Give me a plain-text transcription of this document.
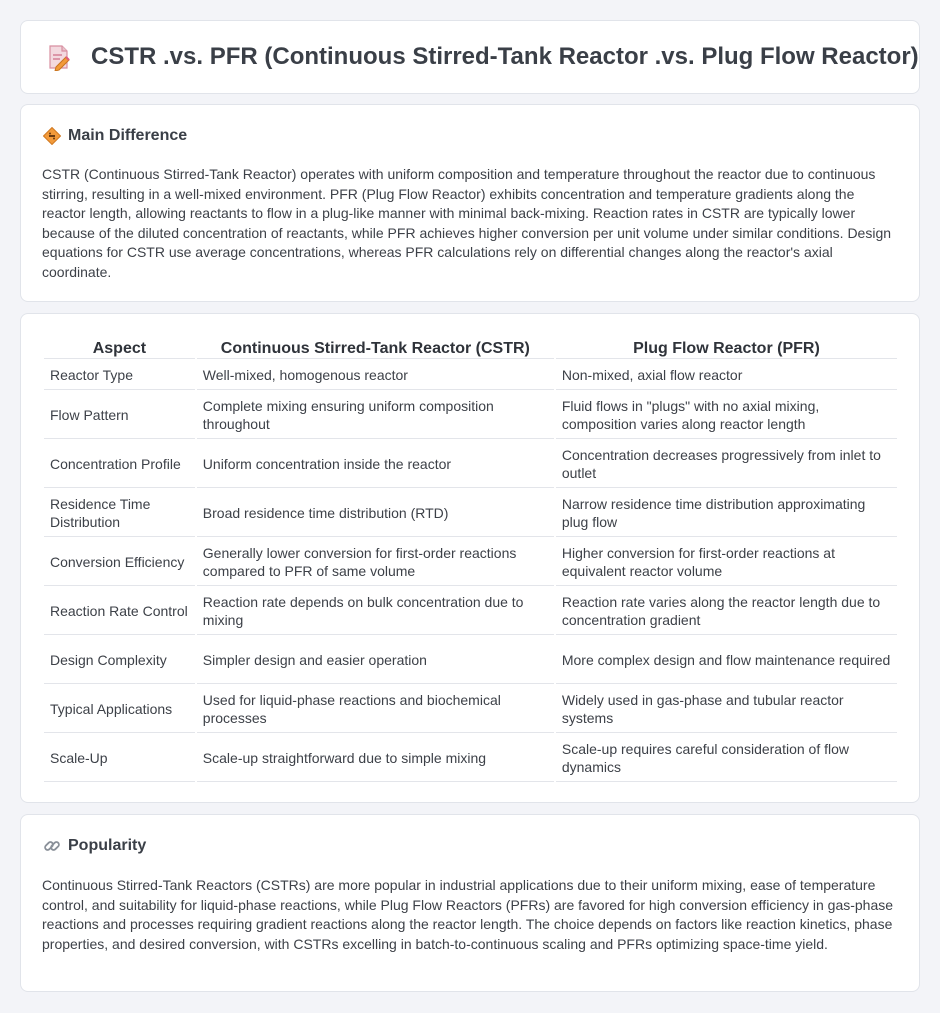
CSTR .vs. PFR (Continuous Stirred-Tank Reactor .vs. Plug Flow Reactor)
Main Difference

CSTR (Continuous Stirred-Tank Reactor) operates with uniform composition and temperature throughout the reactor due to continuous stirring, resulting in a well-mixed environment. PFR (Plug Flow Reactor) exhibits concentration and temperature gradients along the reactor length, allowing reactants to flow in a plug-like manner with minimal back-mixing. Reaction rates in CSTR are typically lower because of the diluted concentration of reactants, while PFR achieves higher conversion per unit volume under similar conditions. Design equations for CSTR use average concentrations, whereas PFR calculations rely on differential changes along the reactor's axial coordinate.

Aspect	Continuous Stirred-Tank Reactor (CSTR)	Plug Flow Reactor (PFR)
Reactor Type	Well-mixed, homogenous reactor	Non-mixed, axial flow reactor
Flow Pattern	Complete mixing ensuring uniform composition throughout	Fluid flows in "plugs" with no axial mixing, composition varies along reactor length
Concentration Profile	Uniform concentration inside the reactor	Concentration decreases progressively from inlet to outlet
Residence Time Distribution	Broad residence time distribution (RTD)	Narrow residence time distribution approximating plug flow
Conversion Efficiency	Generally lower conversion for first-order reactions compared to PFR of same volume	Higher conversion for first-order reactions at equivalent reactor volume
Reaction Rate Control	Reaction rate depends on bulk concentration due to mixing	Reaction rate varies along the reactor length due to concentration gradient
Design Complexity	Simpler design and easier operation	More complex design and flow maintenance required
Typical Applications	Used for liquid-phase reactions and biochemical processes	Widely used in gas-phase and tubular reactor systems
Scale-Up	Scale-up straightforward due to simple mixing	Scale-up requires careful consideration of flow dynamics
Popularity

Continuous Stirred-Tank Reactors (CSTRs) are more popular in industrial applications due to their uniform mixing, ease of temperature control, and suitability for liquid-phase reactions, while Plug Flow Reactors (PFRs) are favored for high conversion efficiency in gas-phase reactions and processes requiring gradient reactions along the reactor length. The choice depends on factors like reaction kinetics, phase properties, and desired conversion, with CSTRs excelling in batch-to-continuous scaling and PFRs optimizing space-time yield.
